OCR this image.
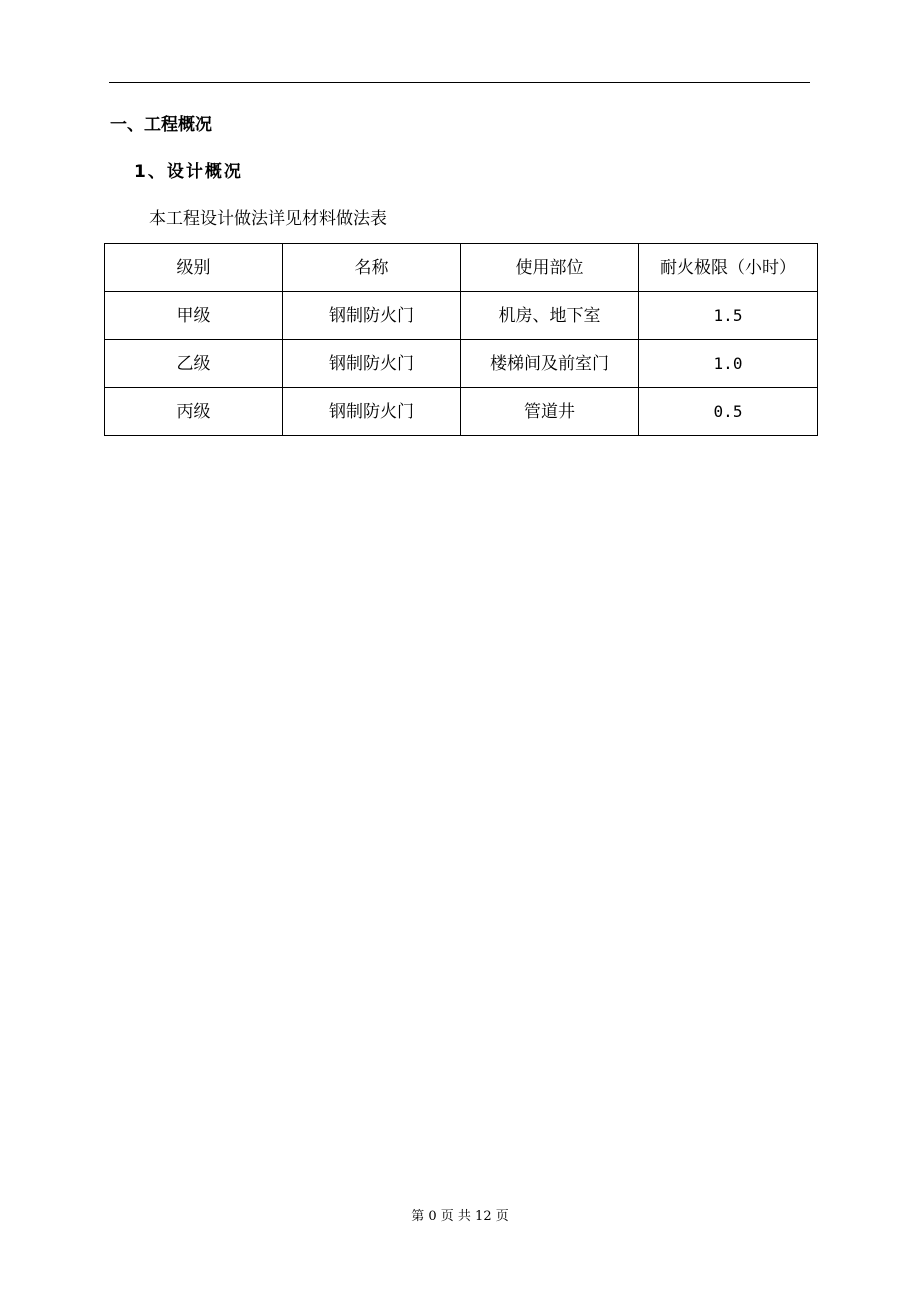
一、工程概况
1、设计概况
本工程设计做法详见材料做法表
级别	名称	使用部位	耐火极限（小时）
甲级	钢制防火门	机房、地下室	1.5
乙级	钢制防火门	楼梯间及前室门	1.0
丙级	钢制防火门	管道井	0.5
第 0 页 共 12 页
